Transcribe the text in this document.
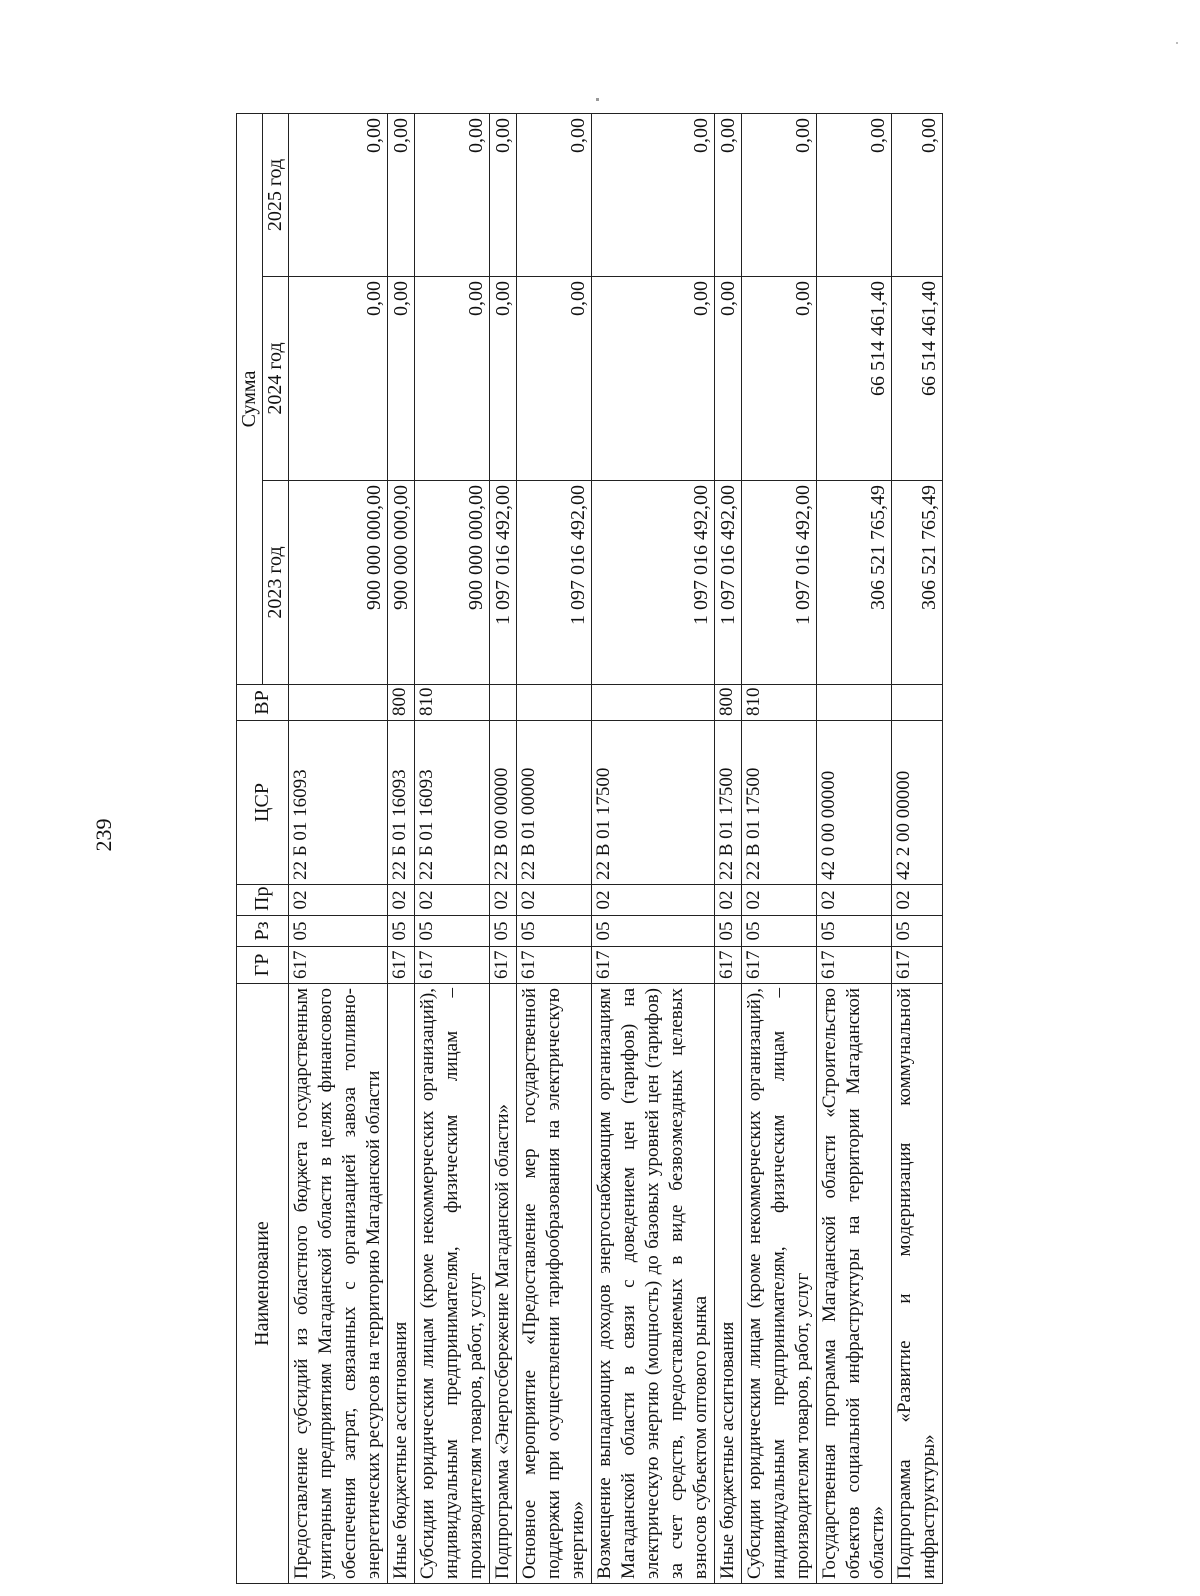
239
Наименование	ГР	Рз	Пр	ЦСР	ВР	Сумма		
						2023 год	2024 год	2025 год
Предоставление субсидий из областного бюджета государственным унитарным предприятиям Магаданской области в целях финансового обеспечения затрат, связанных с организацией завоза топливно-энергетических ресурсов на территорию Магаданской области	617	05	02	22 Б 01 16093		900 000 000,00	0,00	0,00
Иные бюджетные ассигнования	617	05	02	22 Б 01 16093	800	900 000 000,00	0,00	0,00
Субсидии юридическим лицам (кроме некоммерческих организаций), индивидуальным предпринимателям, физическим лицам – производителям товаров, работ, услуг	617	05	02	22 Б 01 16093	810	900 000 000,00	0,00	0,00
Подпрограмма «Энергосбережение Магаданской области»	617	05	02	22 В 00 00000		1 097 016 492,00	0,00	0,00
Основное мероприятие «Предоставление мер государственной поддержки при осуществлении тарифообразования на электрическую энергию»	617	05	02	22 В 01 00000		1 097 016 492,00	0,00	0,00
Возмещение выпадающих доходов энергоснабжающим организациям Магаданской области в связи с доведением цен (тарифов) на электрическую энергию (мощность) до базовых уровней цен (тарифов) за счет средств, предоставляемых в виде безвозмездных целевых взносов субъектом оптового рынка	617	05	02	22 В 01 17500		1 097 016 492,00	0,00	0,00
Иные бюджетные ассигнования	617	05	02	22 В 01 17500	800	1 097 016 492,00	0,00	0,00
Субсидии юридическим лицам (кроме некоммерческих организаций), индивидуальным предпринимателям, физическим лицам – производителям товаров, работ, услуг	617	05	02	22 В 01 17500	810	1 097 016 492,00	0,00	0,00
Государственная программа Магаданской области «Строительство объектов социальной инфраструктуры на территории Магаданской области»	617	05	02	42 0 00 00000		306 521 765,49	66 514 461,40	0,00
Подпрограмма «Развитие и модернизация коммунальной инфраструктуры»	617	05	02	42 2 00 00000		306 521 765,49	66 514 461,40	0,00
